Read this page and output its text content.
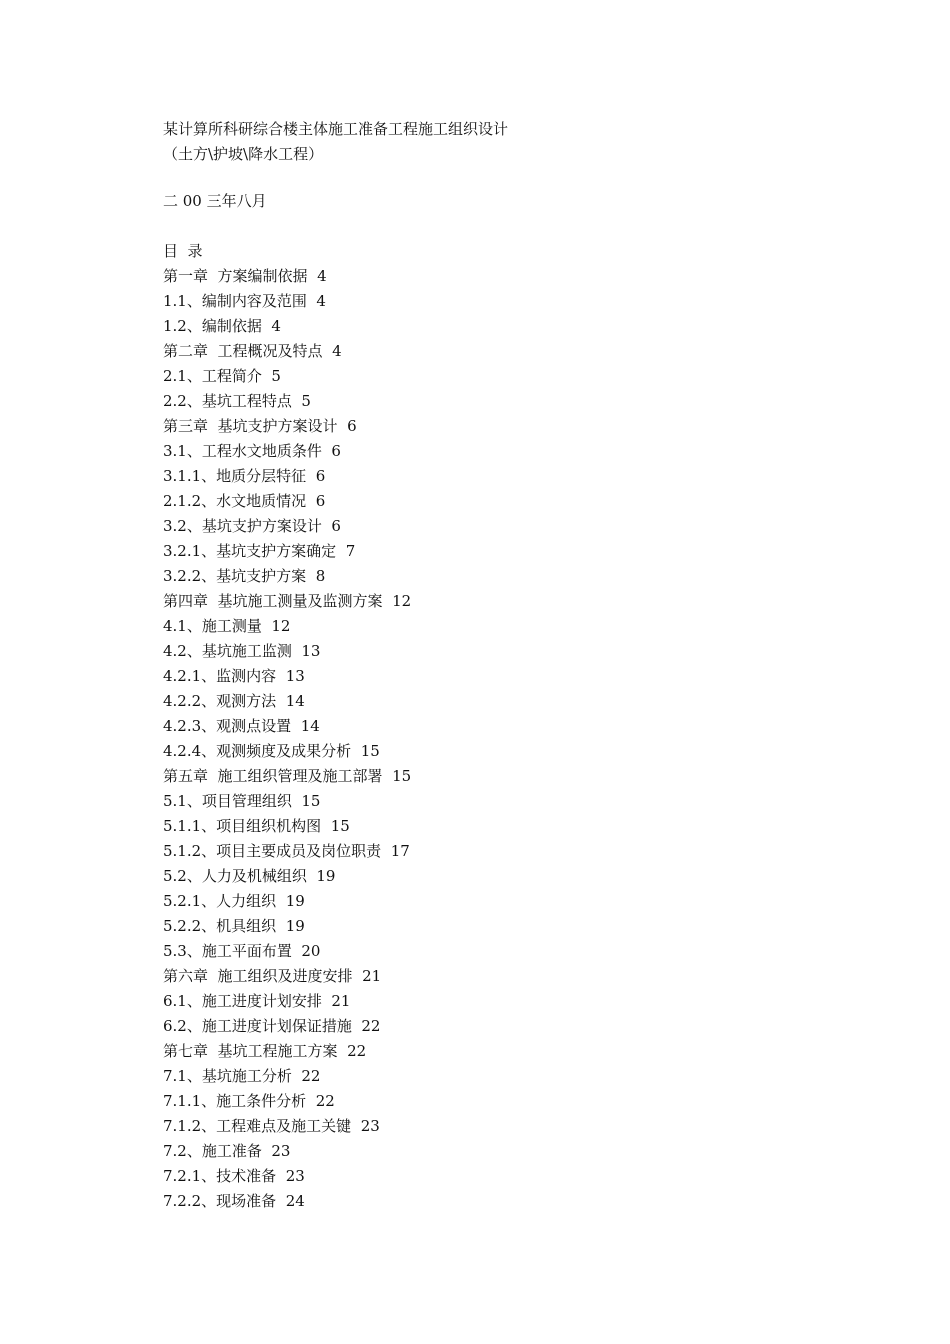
某计算所科研综合楼主体施工准备工程施工组织设计
（土方\护坡\降水工程）
二 00 三年八月
目  录
第一章  方案编制依据  4
1.1、编制内容及范围  4
1.2、编制依据  4
第二章  工程概况及特点  4
2.1、工程简介  5
2.2、基坑工程特点  5
第三章  基坑支护方案设计  6
3.1、工程水文地质条件  6
3.1.1、地质分层特征  6
2.1.2、水文地质情况  6
3.2、基坑支护方案设计  6
3.2.1、基坑支护方案确定  7
3.2.2、基坑支护方案  8
第四章  基坑施工测量及监测方案  12
4.1、施工测量  12
4.2、基坑施工监测  13
4.2.1、监测内容  13
4.2.2、观测方法  14
4.2.3、观测点设置  14
4.2.4、观测频度及成果分析  15
第五章  施工组织管理及施工部署  15
5.1、项目管理组织  15
5.1.1、项目组织机构图  15
5.1.2、项目主要成员及岗位职责  17
5.2、人力及机械组织  19
5.2.1、人力组织  19
5.2.2、机具组织  19
5.3、施工平面布置  20
第六章  施工组织及进度安排  21
6.1、施工进度计划安排  21
6.2、施工进度计划保证措施  22
第七章  基坑工程施工方案  22
7.1、基坑施工分析  22
7.1.1、施工条件分析  22
7.1.2、工程难点及施工关键  23
7.2、施工准备  23
7.2.1、技术准备  23
7.2.2、现场准备  24
